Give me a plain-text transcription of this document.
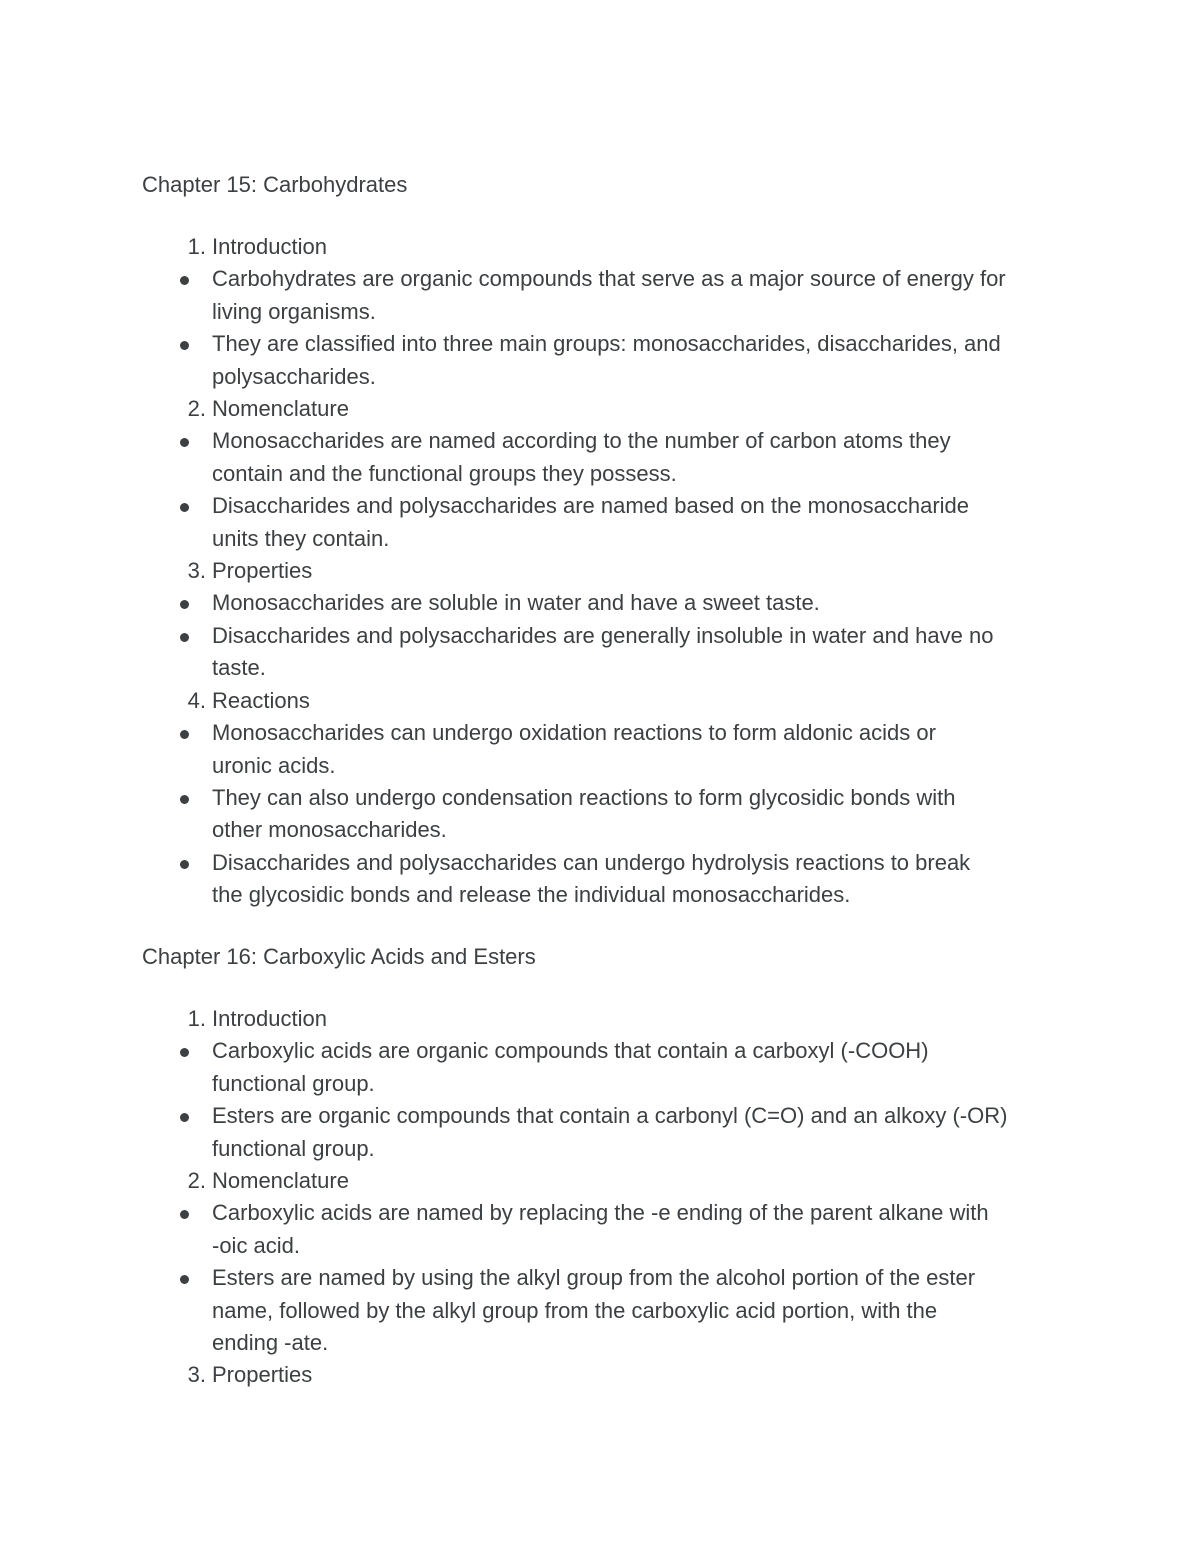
Chapter 15: Carbohydrates
1. Introduction
Carbohydrates are organic compounds that serve as a major source of energy for
living organisms.
They are classified into three main groups: monosaccharides, disaccharides, and
polysaccharides.
2. Nomenclature
Monosaccharides are named according to the number of carbon atoms they
contain and the functional groups they possess.
Disaccharides and polysaccharides are named based on the monosaccharide
units they contain.
3. Properties
Monosaccharides are soluble in water and have a sweet taste.
Disaccharides and polysaccharides are generally insoluble in water and have no
taste.
4. Reactions
Monosaccharides can undergo oxidation reactions to form aldonic acids or
uronic acids.
They can also undergo condensation reactions to form glycosidic bonds with
other monosaccharides.
Disaccharides and polysaccharides can undergo hydrolysis reactions to break
the glycosidic bonds and release the individual monosaccharides.
Chapter 16: Carboxylic Acids and Esters
1. Introduction
Carboxylic acids are organic compounds that contain a carboxyl (-COOH)
functional group.
Esters are organic compounds that contain a carbonyl (C=O) and an alkoxy (-OR)
functional group.
2. Nomenclature
Carboxylic acids are named by replacing the -e ending of the parent alkane with
-oic acid.
Esters are named by using the alkyl group from the alcohol portion of the ester
name, followed by the alkyl group from the carboxylic acid portion, with the
ending -ate.
3. Properties
